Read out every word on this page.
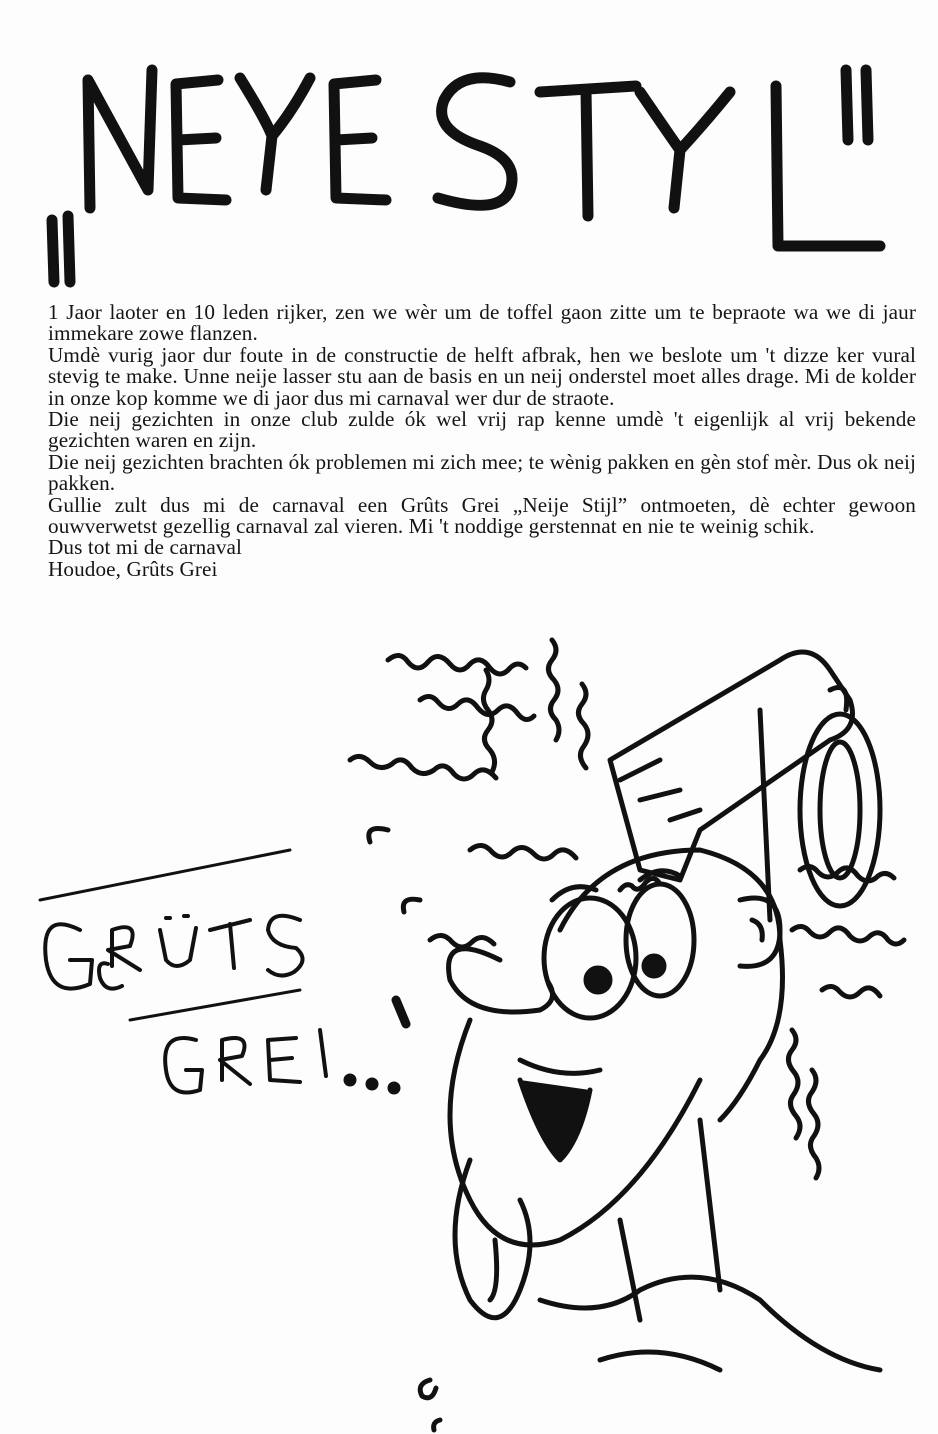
1 Jaor laoter en 10 leden rijker, zen we wèr um de toffel gaon zitte um te bepraote wa we di jaur immekare zowe flanzen.

Umdè vurig jaor dur foute in de constructie de helft afbrak, hen we beslote um 't dizze ker vural stevig te make. Unne neije lasser stu aan de basis en un neij onderstel moet alles drage. Mi de kolder in onze kop komme we di jaor dus mi carnaval wer dur de straote.

Die neij gezichten in onze club zulde ók wel vrij rap kenne umdè 't eigenlijk al vrij bekende gezichten waren en zijn.

Die neij gezichten brachten ók problemen mi zich mee; te wènig pakken en gèn stof mèr. Dus ok neij pakken.

Gullie zult dus mi de carnaval een Grûts Grei „Neije Stijl” ontmoeten, dè echter gewoon ouwverwetst gezellig carnaval zal vieren. Mi 't noddige gerstennat en nie te weinig schik.

Dus tot mi de carnaval

Houdoe, Grûts Grei
